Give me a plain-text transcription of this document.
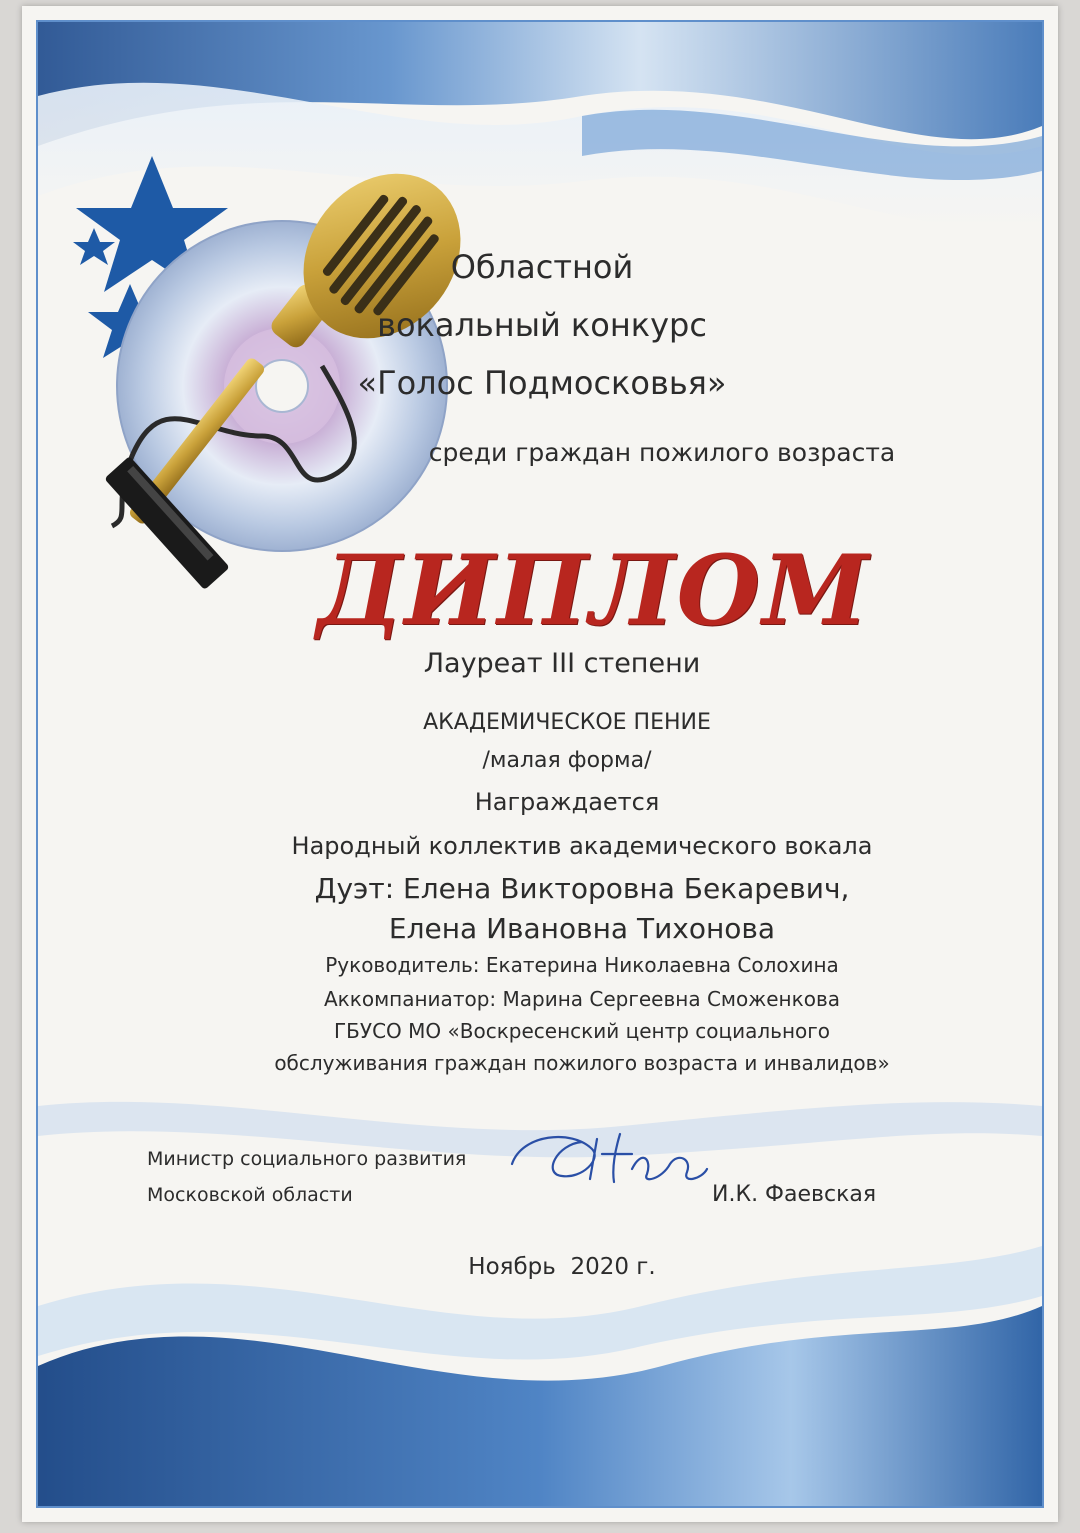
Областной
вокальный конкурс
«Голос Подмосковья»
среди граждан пожилого возраста
ДИПЛОМ
Лауреат III степени
АКАДЕМИЧЕСКОЕ ПЕНИЕ
/малая форма/
Награждается
Народный коллектив академического вокала
Дуэт: Елена Викторовна Бекаревич,
Елена Ивановна Тихонова
Руководитель: Екатерина Николаевна Солохина
Аккомпаниатор: Марина Сергеевна Сможенкова
ГБУСО МО «Воскресенский центр социального
обслуживания граждан пожилого возраста и инвалидов»
Министр социального развития
Московской области	И.К. Фаевская
Ноябрь  2020 г.
